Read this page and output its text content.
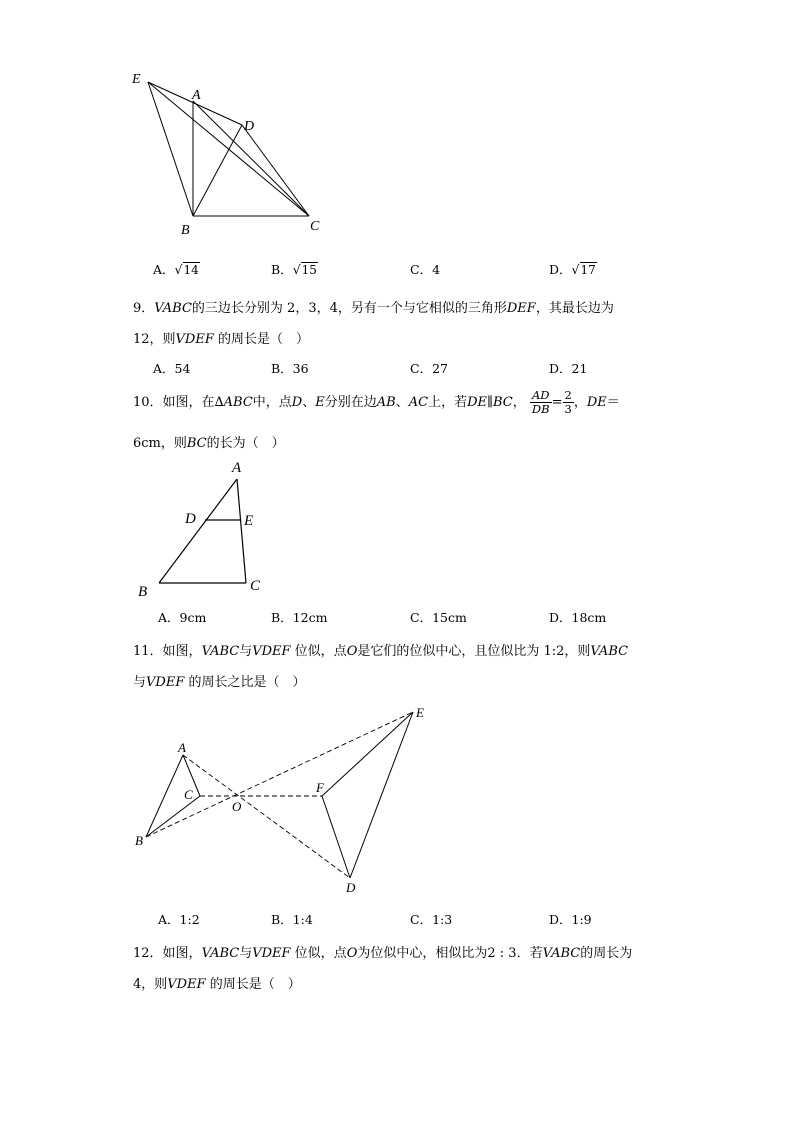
E
A
D
B	C
A．√14	B．√15	C．4	D．√17
9．VABC的三边长分别为 2，3，4，另有一个与它相似的三角形DEF，其最长边为
12，则VDEF 的周长是（　）
A．54	B．36	C．27	D．21
10．如图，在∆ABC中，点D、E分别在边AB、AC上，若DE∥BC， $\frac{AD}{DB} = \frac{2}{3}$ ，DE＝
6cm，则BC的长为（　）
A
D	E
B	C
A．9cm	B．12cm	C．15cm	D．18cm
11．如图，VABC与VDEF 位似，点O是它们的位似中心，且位似比为 1:2，则VABC
与VDEF 的周长之比是（　）
A
C
O
B
F
E
D
A．1:2	B．1:4	C．1:3	D．1:9
12．如图，VABC与VDEF 位似，点O为位似中心，相似比为2 : 3．若VABC的周长为
4，则VDEF 的周长是（　）
